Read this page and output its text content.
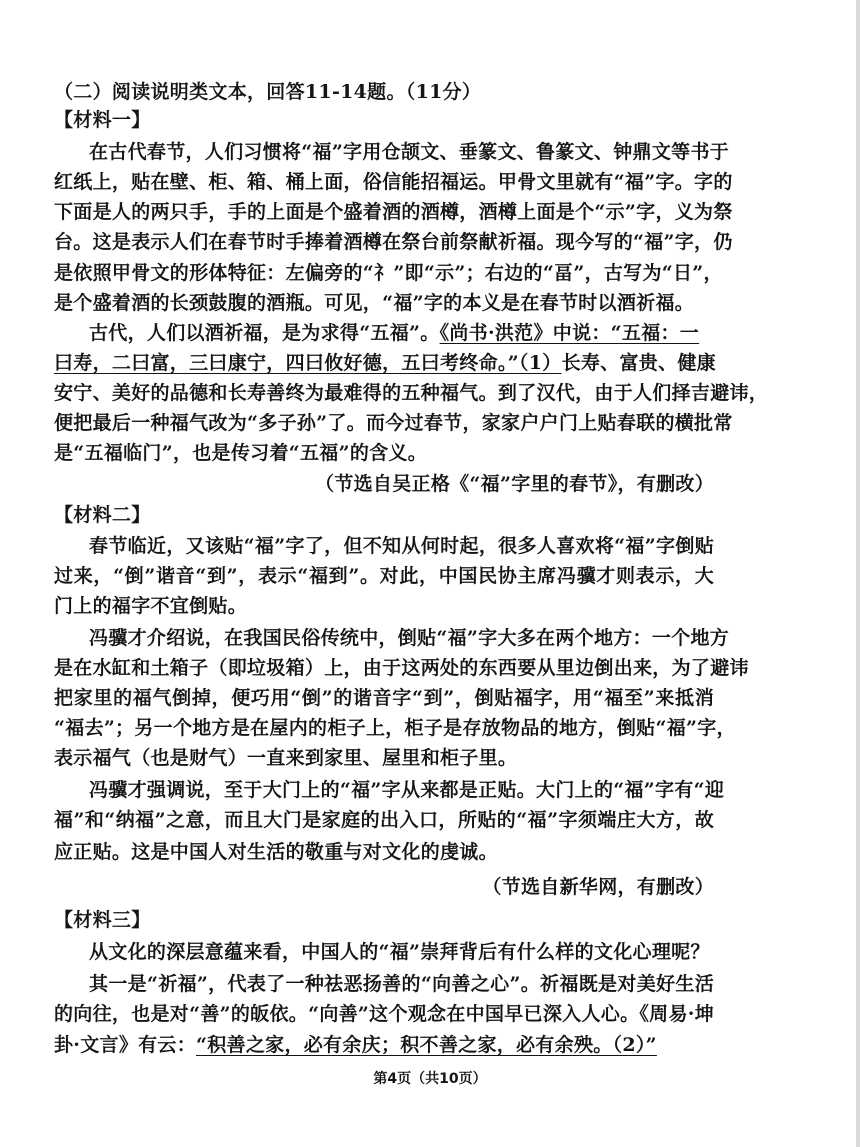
（二）阅读说明类文本，回答11-14题。（11分）
【材料一】
在古代春节，人们习惯将“福”字用仓颉文、垂篆文、鲁篆文、钟鼎文等书于
红纸上，贴在壁、柜、箱、桶上面，俗信能招福运。甲骨文里就有“福”字。字的
下面是人的两只手，手的上面是个盛着酒的酒樽，酒樽上面是个“示”字，义为祭
台。这是表示人们在春节时手捧着酒樽在祭台前祭献祈福。现今写的“福”字，仍
是依照甲骨文的形体特征：左偏旁的“礻”即“示”；右边的“畐”，古写为“日”，
是个盛着酒的长颈鼓腹的酒瓶。可见，“福”字的本义是在春节时以酒祈福。
古代，人们以酒祈福，是为求得“五福”。《尚书·洪范》中说：“五福：一
曰寿，二曰富，三曰康宁，四曰攸好德，五曰考终命。”（1）长寿、富贵、健康
安宁、美好的品德和长寿善终为最难得的五种福气。到了汉代，由于人们择吉避讳，
便把最后一种福气改为“多子孙”了。而今过春节，家家户户门上贴春联的横批常
是“五福临门”，也是传习着“五福”的含义。
（节选自吴正格《“福”字里的春节》，有删改）
【材料二】
春节临近，又该贴“福”字了，但不知从何时起，很多人喜欢将“福”字倒贴
过来，“倒”谐音“到”，表示“福到”。对此，中国民协主席冯骥才则表示，大
门上的福字不宜倒贴。
冯骥才介绍说，在我国民俗传统中，倒贴“福”字大多在两个地方：一个地方
是在水缸和土箱子（即垃圾箱）上，由于这两处的东西要从里边倒出来，为了避讳
把家里的福气倒掉，便巧用“倒”的谐音字“到”，倒贴福字，用“福至”来抵消
“福去”；另一个地方是在屋内的柜子上，柜子是存放物品的地方，倒贴“福”字，
表示福气（也是财气）一直来到家里、屋里和柜子里。
冯骥才强调说，至于大门上的“福”字从来都是正贴。大门上的“福”字有“迎
福”和“纳福”之意，而且大门是家庭的出入口，所贴的“福”字须端庄大方，故
应正贴。这是中国人对生活的敬重与对文化的虔诚。
（节选自新华网，有删改）
【材料三】
从文化的深层意蕴来看，中国人的“福”崇拜背后有什么样的文化心理呢？
其一是“祈福”，代表了一种祛恶扬善的“向善之心”。祈福既是对美好生活
的向往，也是对“善”的皈依。“向善”这个观念在中国早已深入人心。《周易·坤
卦·文言》有云：“积善之家，必有余庆；积不善之家，必有余殃。（2）”
第4页（共10页）
